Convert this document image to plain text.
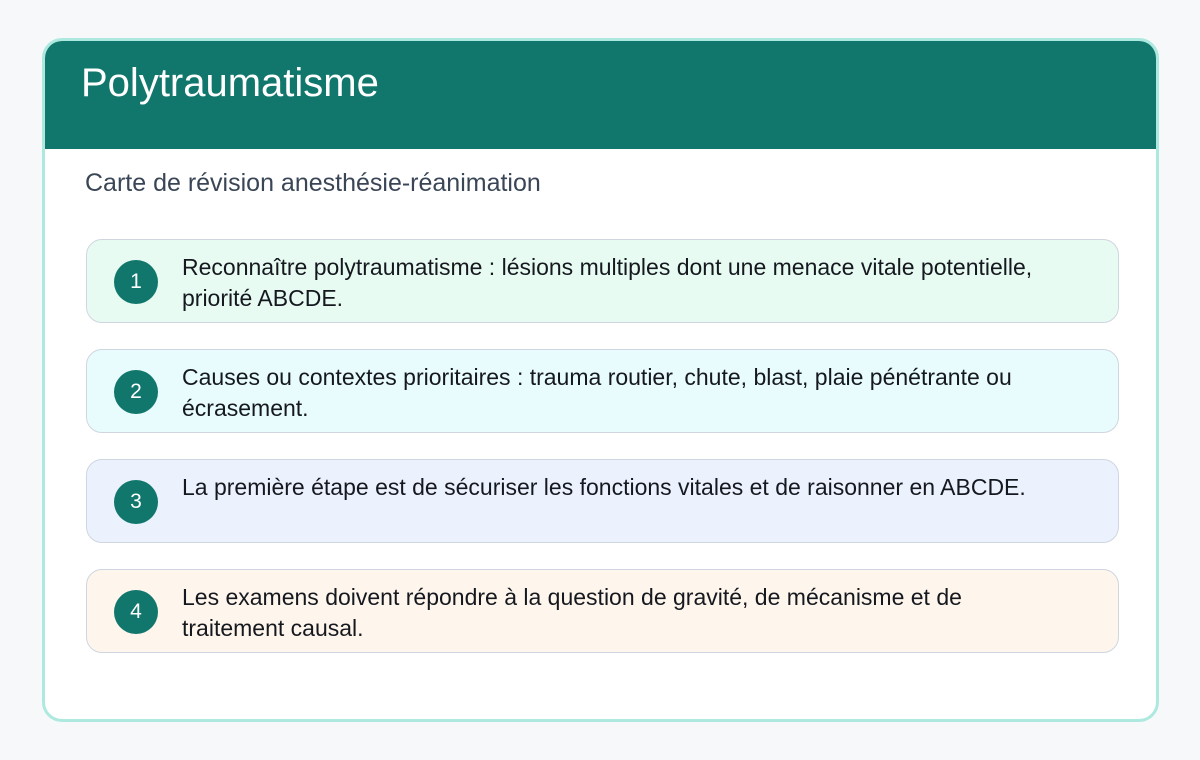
Polytraumatisme

Carte de révision anesthésie-réanimation

1

Reconnaître polytraumatisme : lésions multiples dont une menace vitale potentielle, priorité ABCDE.

2

Causes ou contextes prioritaires : trauma routier, chute, blast, plaie pénétrante ou écrasement.

3

La première étape est de sécuriser les fonctions vitales et de raisonner en ABCDE.

4

Les examens doivent répondre à la question de gravité, de mécanisme et de traitement causal.
